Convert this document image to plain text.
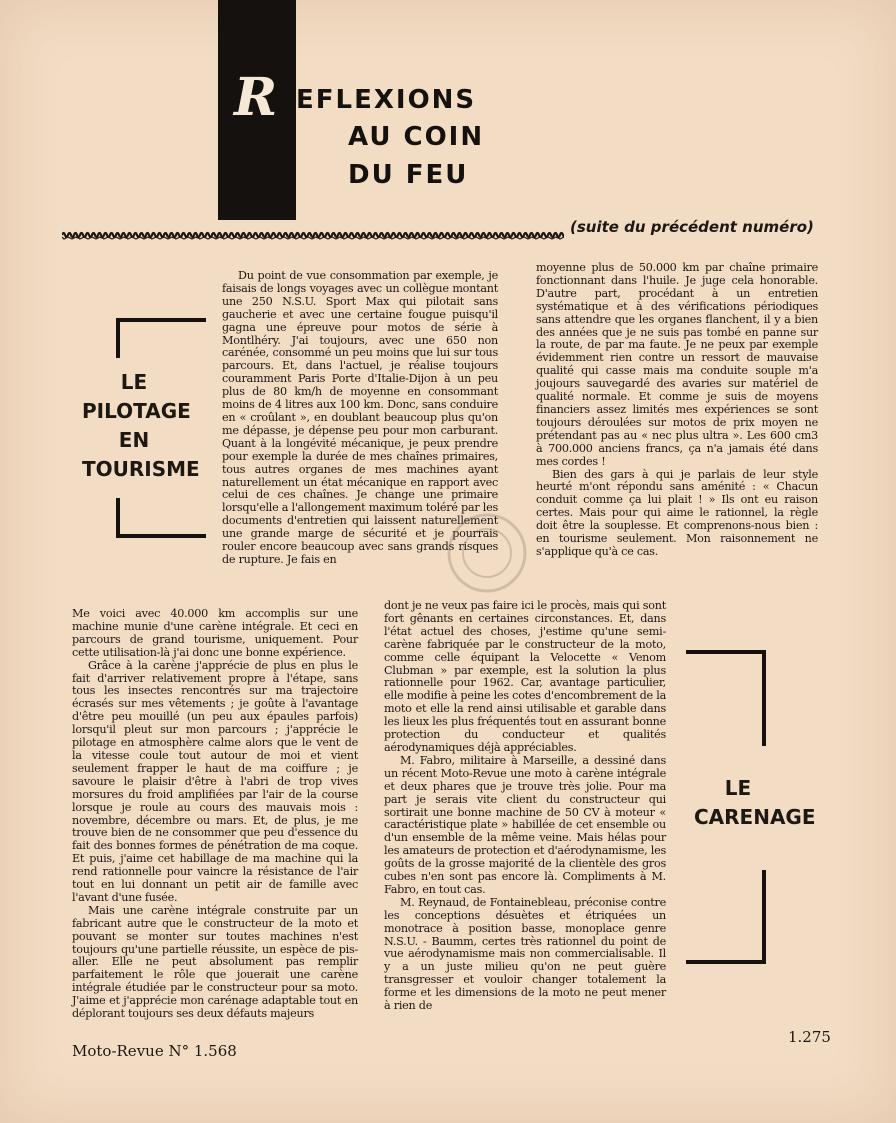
R EFLEXIONS
AU COIN
DU FEU
(suite du précédent numéro)
LE
PILOTAGE
EN
TOURISME

Du point de vue consommation par exemple, je faisais de longs voyages avec un collègue montant une 250 N.S.U. Sport Max qui pilotait sans gaucherie et avec une certaine fougue puisqu'il gagna une épreuve pour motos de série à Montlhéry. J'ai toujours, avec une 650 non carénée, consommé un peu moins que lui sur tous parcours. Et, dans l'actuel, je réalise toujours couramment Paris Porte d'Italie-Dijon à un peu plus de 80 km/h de moyenne en consommant moins de 4 litres aux 100 km. Donc, sans conduire en « croûlant », en doublant beaucoup plus qu'on me dépasse, je dépense peu pour mon carburant. Quant à la longévité mécanique, je peux prendre pour exemple la durée de mes chaînes primaires, tous autres organes de mes machines ayant naturellement un état mécanique en rapport avec celui de ces chaînes. Je change une primaire lorsqu'elle a l'allongement maximum toléré par les documents d'entretien qui laissent naturellement une grande marge de sécurité et je pourrais rouler encore beaucoup avec sans grands risques de rupture. Je fais en

moyenne plus de 50.000 km par chaîne primaire fonctionnant dans l'huile. Je juge cela honorable. D'autre part, procédant à un entretien systématique et à des vérifications périodiques sans attendre que les organes flanchent, il y a bien des années que je ne suis pas tombé en panne sur la route, de par ma faute. Je ne peux par exemple évidemment rien contre un ressort de mauvaise qualité qui casse mais ma conduite souple m'a joujours sauvegardé des avaries sur matériel de qualité normale. Et comme je suis de moyens financiers assez limités mes expériences se sont toujours déroulées sur motos de prix moyen ne prétendant pas au « nec plus ultra ». Les 600 cm3 à 700.000 anciens francs, ça n'a jamais été dans mes cordes !

Bien des gars à qui je parlais de leur style heurté m'ont répondu sans aménité : « Chacun conduit comme ça lui plait ! » Ils ont eu raison certes. Mais pour qui aime le rationnel, la règle doit être la souplesse. Et comprenons-nous bien : en tourisme seulement. Mon raisonnement ne s'applique qu'à ce cas.

Me voici avec 40.000 km accomplis sur une machine munie d'une carène intégrale. Et ceci en parcours de grand tourisme, uniquement. Pour cette utilisation-là j'ai donc une bonne expérience.

Grâce à la carène j'apprécie de plus en plus le fait d'arriver relativement propre à l'étape, sans tous les insectes rencontrés sur ma trajectoire écrasés sur mes vêtements ; je goûte à l'avantage d'être peu mouillé (un peu aux épaules parfois) lorsqu'il pleut sur mon parcours ; j'apprécie le pilotage en atmosphère calme alors que le vent de la vitesse coule tout autour de moi et vient seulement frapper le haut de ma coiffure ; je savoure le plaisir d'être à l'abri de trop vives morsures du froid amplifiées par l'air de la course lorsque je roule au cours des mauvais mois : novembre, décembre ou mars. Et, de plus, je me trouve bien de ne consommer que peu d'essence du fait des bonnes formes de pénétration de ma coque. Et puis, j'aime cet habillage de ma machine qui la rend rationnelle pour vaincre la résistance de l'air tout en lui donnant un petit air de famille avec l'avant d'une fusée.

Mais une carène intégrale construite par un fabricant autre que le constructeur de la moto et pouvant se monter sur toutes machines n'est toujours qu'une partielle réussite, un espèce de pis-aller. Elle ne peut absolument pas remplir parfaitement le rôle que jouerait une carène intégrale étudiée par le constructeur pour sa moto. J'aime et j'apprécie mon carénage adaptable tout en déplorant toujours ses deux défauts majeurs

dont je ne veux pas faire ici le procès, mais qui sont fort gênants en certaines circonstances. Et, dans l'état actuel des choses, j'estime qu'une semi-carène fabriquée par le constructeur de la moto, comme celle équipant la Velocette « Venom Clubman » par exemple, est la solution la plus rationnelle pour 1962. Car, avantage particulier, elle modifie à peine les cotes d'encombrement de la moto et elle la rend ainsi utilisable et garable dans les lieux les plus fréquentés tout en assurant bonne protection du conducteur et qualités aérodynamiques déjà appréciables.

M. Fabro, militaire à Marseille, a dessiné dans un récent Moto-Revue une moto à carène intégrale et deux phares que je trouve très jolie. Pour ma part je serais vite client du constructeur qui sortirait une bonne machine de 50 CV à moteur « caractéristique plate » habillée de cet ensemble ou d'un ensemble de la même veine. Mais hélas pour les amateurs de protection et d'aérodynamisme, les goûts de la grosse majorité de la clientèle des gros cubes n'en sont pas encore là. Compliments à M. Fabro, en tout cas.

M. Reynaud, de Fontainebleau, préconise contre les conceptions désuètes et étriquées un monotrace à position basse, monoplace genre N.S.U. - Baumm, certes très rationnel du point de vue aérodynamisme mais non commercialisable. Il y a un juste milieu qu'on ne peut guère transgresser et vouloir changer totalement la forme et les dimensions de la moto ne peut mener à rien de

LE
CARENAGE
Moto-Revue N° 1.568
1.275
